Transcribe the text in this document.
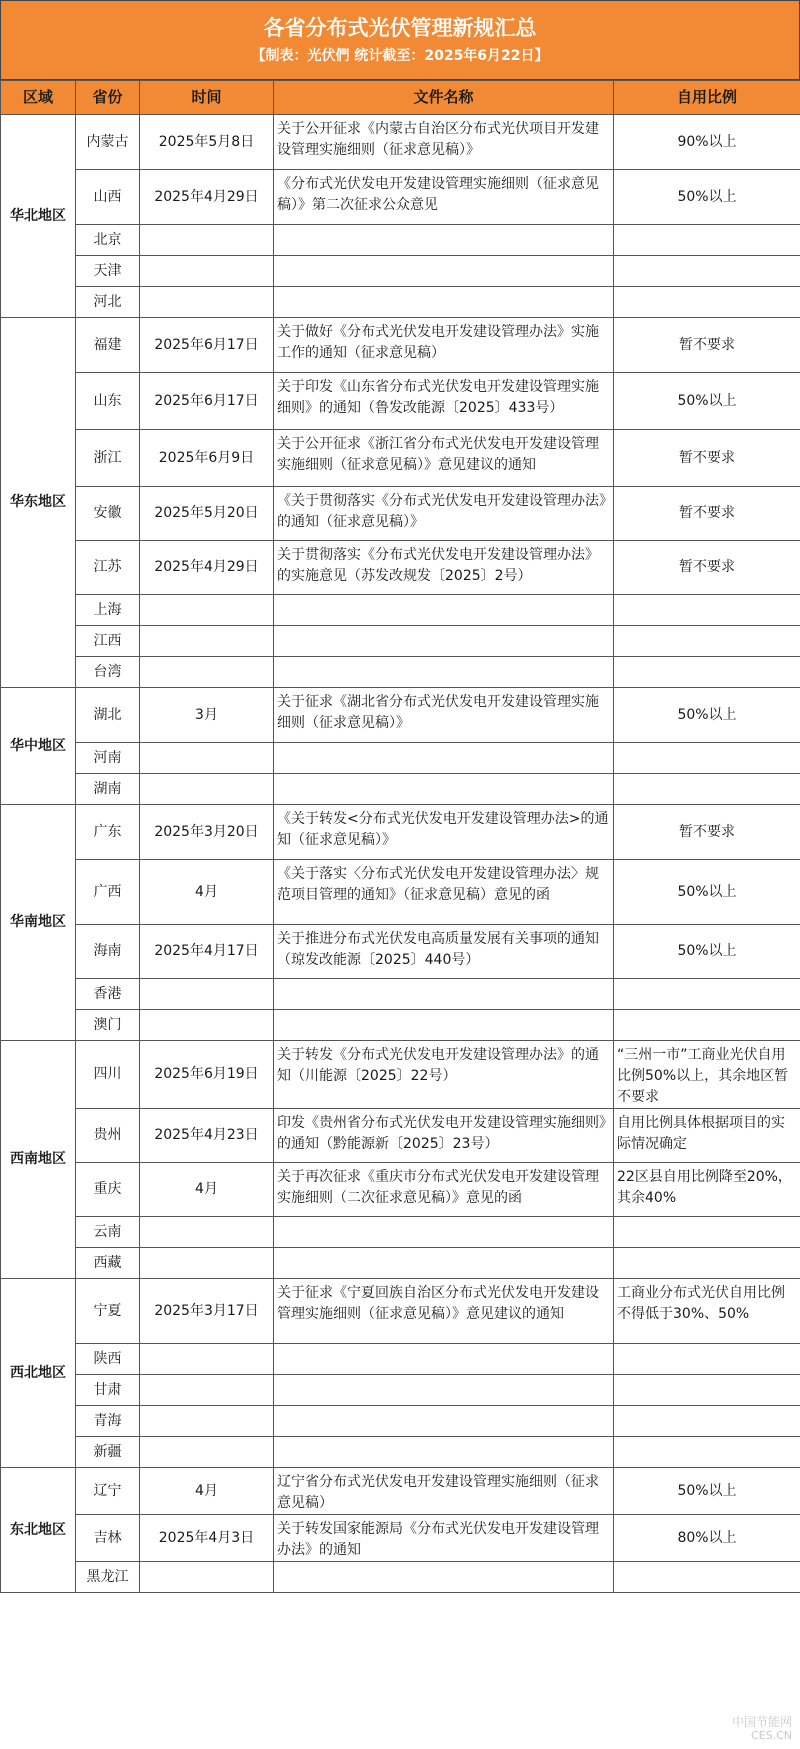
各省分布式光伏管理新规汇总
【制表：光伏們 统计截至：2025年6月22日】
区域	省份	时间	文件名称	自用比例
华北地区	内蒙古	2025年5月8日	关于公开征求《内蒙古自治区分布式光伏项目开发建设管理实施细则（征求意见稿）》	90%以上
	山西	2025年4月29日	《分布式光伏发电开发建设管理实施细则（征求意见稿）》第二次征求公众意见	50%以上
	北京			
	天津			
	河北			
华东地区	福建	2025年6月17日	关于做好《分布式光伏发电开发建设管理办法》实施工作的通知（征求意见稿）	暂不要求
	山东	2025年6月17日	关于印发《山东省分布式光伏发电开发建设管理实施细则》的通知（鲁发改能源〔2025〕433号）	50%以上
	浙江	2025年6月9日	关于公开征求《浙江省分布式光伏发电开发建设管理实施细则（征求意见稿）》意见建议的通知	暂不要求
	安徽	2025年5月20日	《关于贯彻落实《分布式光伏发电开发建设管理办法》的通知（征求意见稿）》	暂不要求
	江苏	2025年4月29日	关于贯彻落实《分布式光伏发电开发建设管理办法》的实施意见（苏发改规发〔2025〕2号）	暂不要求
	上海			
	江西			
	台湾			
华中地区	湖北	3月	关于征求《湖北省分布式光伏发电开发建设管理实施细则（征求意见稿）》	50%以上
	河南			
	湖南			
华南地区	广东	2025年3月20日	《关于转发<分布式光伏发电开发建设管理办法>的通知（征求意见稿）》	暂不要求
	广西	4月	《关于落实〈分布式光伏发电开发建设管理办法〉规范项目管理的通知》（征求意见稿）意见的函	50%以上
	海南	2025年4月17日	关于推进分布式光伏发电高质量发展有关事项的通知（琼发改能源〔2025〕440号）	50%以上
	香港			
	澳门			
西南地区	四川	2025年6月19日	关于转发《分布式光伏发电开发建设管理办法》的通知（川能源〔2025〕22号）	“三州一市”工商业光伏自用比例50%以上，其余地区暂不要求
	贵州	2025年4月23日	印发《贵州省分布式光伏发电开发建设管理实施细则》的通知（黔能源新〔2025〕23号）	自用比例具体根据项目的实际情况确定
	重庆	4月	关于再次征求《重庆市分布式光伏发电开发建设管理实施细则（二次征求意见稿）》意见的函	22区县自用比例降至20%，其余40%
	云南			
	西藏			
西北地区	宁夏	2025年3月17日	关于征求《宁夏回族自治区分布式光伏发电开发建设管理实施细则（征求意见稿）》意见建议的通知	工商业分布式光伏自用比例不得低于30%、50%
	陕西			
	甘肃			
	青海			
	新疆			
东北地区	辽宁	4月	辽宁省分布式光伏发电开发建设管理实施细则（征求意见稿）	50%以上
	吉林	2025年4月3日	关于转发国家能源局《分布式光伏发电开发建设管理办法》的通知	80%以上
	黑龙江			
中国节能网
CES.CN
